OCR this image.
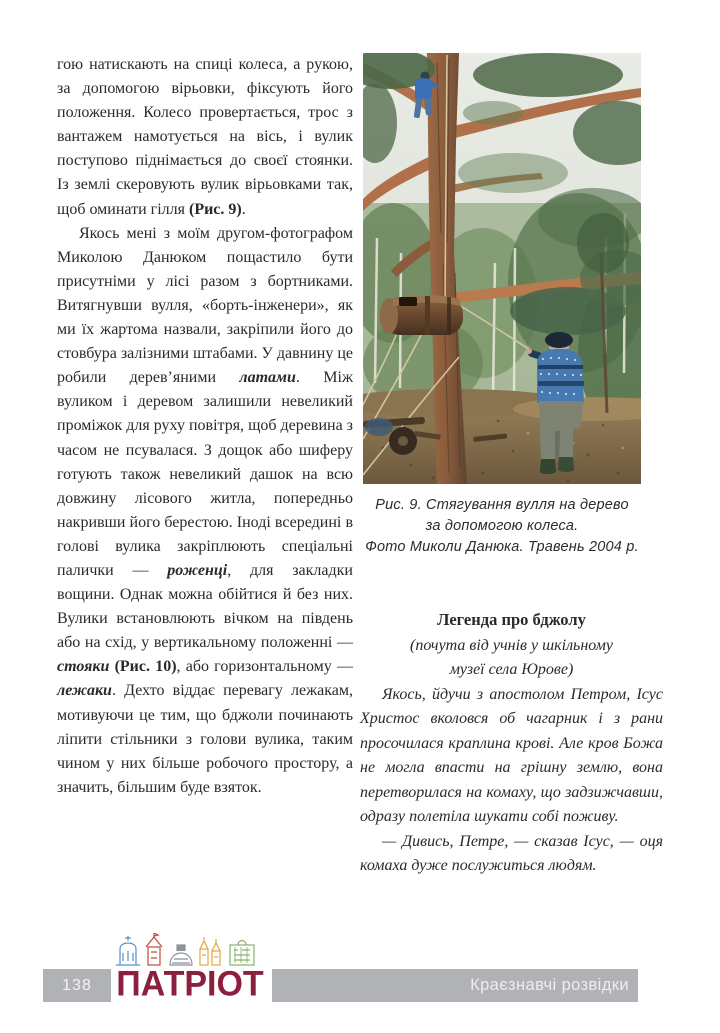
гою натискають на спиці колеса, а рукою, за допомогою вірьовки, фіксують його положення. Колесо провертається, трос з вантажем намотується на вісь, і вулик поступово піднімається до своєї стоянки. Із землі скеровують вулик вірьовками так, щоб оминати гілля (Рис. 9).

Якось мені з моїм другом-фотографом Миколою Данюком пощастило бути присутніми у лісі разом з бортниками. Витягнувши вулля, «борть-інженери», як ми їх жартома назвали, закріпили його до стовбура залізними штабами. У давнину це робили дерев’яними латами. Між вуликом і деревом залишили невеликий проміжок для руху повітря, щоб деревина з часом не псувалася. З дощок або шиферу готують також невеликий дашок на всю довжину лісового житла, попередньо накривши його берестою. Іноді всередині в голові вулика закріплюють спеціальні палички — роженці, для закладки вощини. Однак можна обійтися й без них. Вулики встановлюють вічком на південь або на схід, у вертикальному положенні — стояки (Рис. 10), або горизонтальному — лежаки. Дехто віддає перевагу лежакам, мотивуючи це тим, що бджоли починають ліпити стільники з голови вулика, таким чином у них більше робочого простору, а значить, більшим буде взяток.

Рис. 9. Стягування вулля на дерево
за допомогою колеса.
Фото Миколи Данюка. Травень 2004 р.

Легенда про бджолу

(почута від учнів у шкільному

музеї села Юрове)

Якось, йдучи з апостолом Петром, Ісус Христос вколовся об чагарник і з рани просочилася краплина крові. Але кров Божа не могла впасти на грішну землю, вона перетворилася на комаху, що задзижчавши, одразу полетіла шукати собі поживу.

— Дивись, Петре, — сказав Ісус, — оця комаха дуже послужиться людям.

138 ПАТРІОТ	Краєзнавчі розвідки
